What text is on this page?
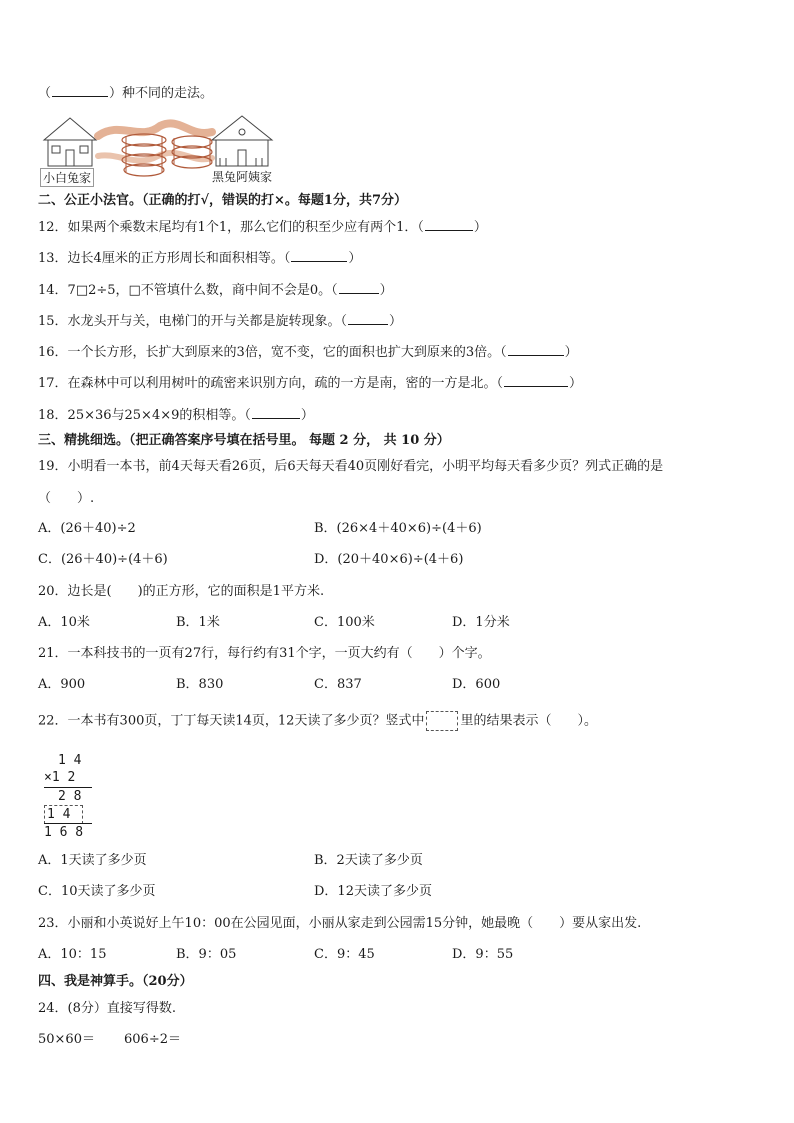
（	）种不同的走法。
小白兔家	黑兔阿姨家
二、公正小法官。（正确的打√，错误的打×。每题1分，共7分）
12．如果两个乘数末尾均有1个1，那么它们的积至少应有两个1．（	）
13．边长4厘米的正方形周长和面积相等。（	）
14．7□2÷5，□不管填什么数，商中间不会是0。（	）
15．水龙头开与关，电梯门的开与关都是旋转现象。（	）
16．一个长方形，长扩大到原来的3倍，宽不变，它的面积也扩大到原来的3倍。（	）
17．在森林中可以利用树叶的疏密来识别方向，疏的一方是南，密的一方是北。（	）
18．25×36与25×4×9的积相等。（	）
三、精挑细选。（把正确答案序号填在括号里。 每题 2 分， 共 10 分）
19．小明看一本书，前4天每天看26页，后6天每天看40页刚好看完，小明平均每天看多少页？列式正确的是
（　　）.
A．(26＋40)÷2	B．(26×4＋40×6)÷(4＋6)
C．(26＋40)÷(4＋6)	D．(20＋40×6)÷(4＋6)
20．边长是(　　)的正方形，它的面积是1平方米.
A．10米	B．1米	C．100米	D．1分米
21．一本科技书的一页有27行，每行约有31个字，一页大约有（　　）个字。
A．900	B．830	C．837	D．600
22．一本书有300页，丁丁每天读14页，12天读了多少页？竖式中	里的结果表示（　　）。
1 4
×1 2
2 8
1 4
1 6 8
A．1天读了多少页	B．2天读了多少页
C．10天读了多少页	D．12天读了多少页
23．小丽和小英说好上午10：00在公园见面，小丽从家走到公园需15分钟，她最晚（　　）要从家出发.
A．10：15	B．9：05	C．9：45	D．9：55
四、我是神算手。（20分）
24．(8分）直接写得数.
50×60＝ 606÷2＝
